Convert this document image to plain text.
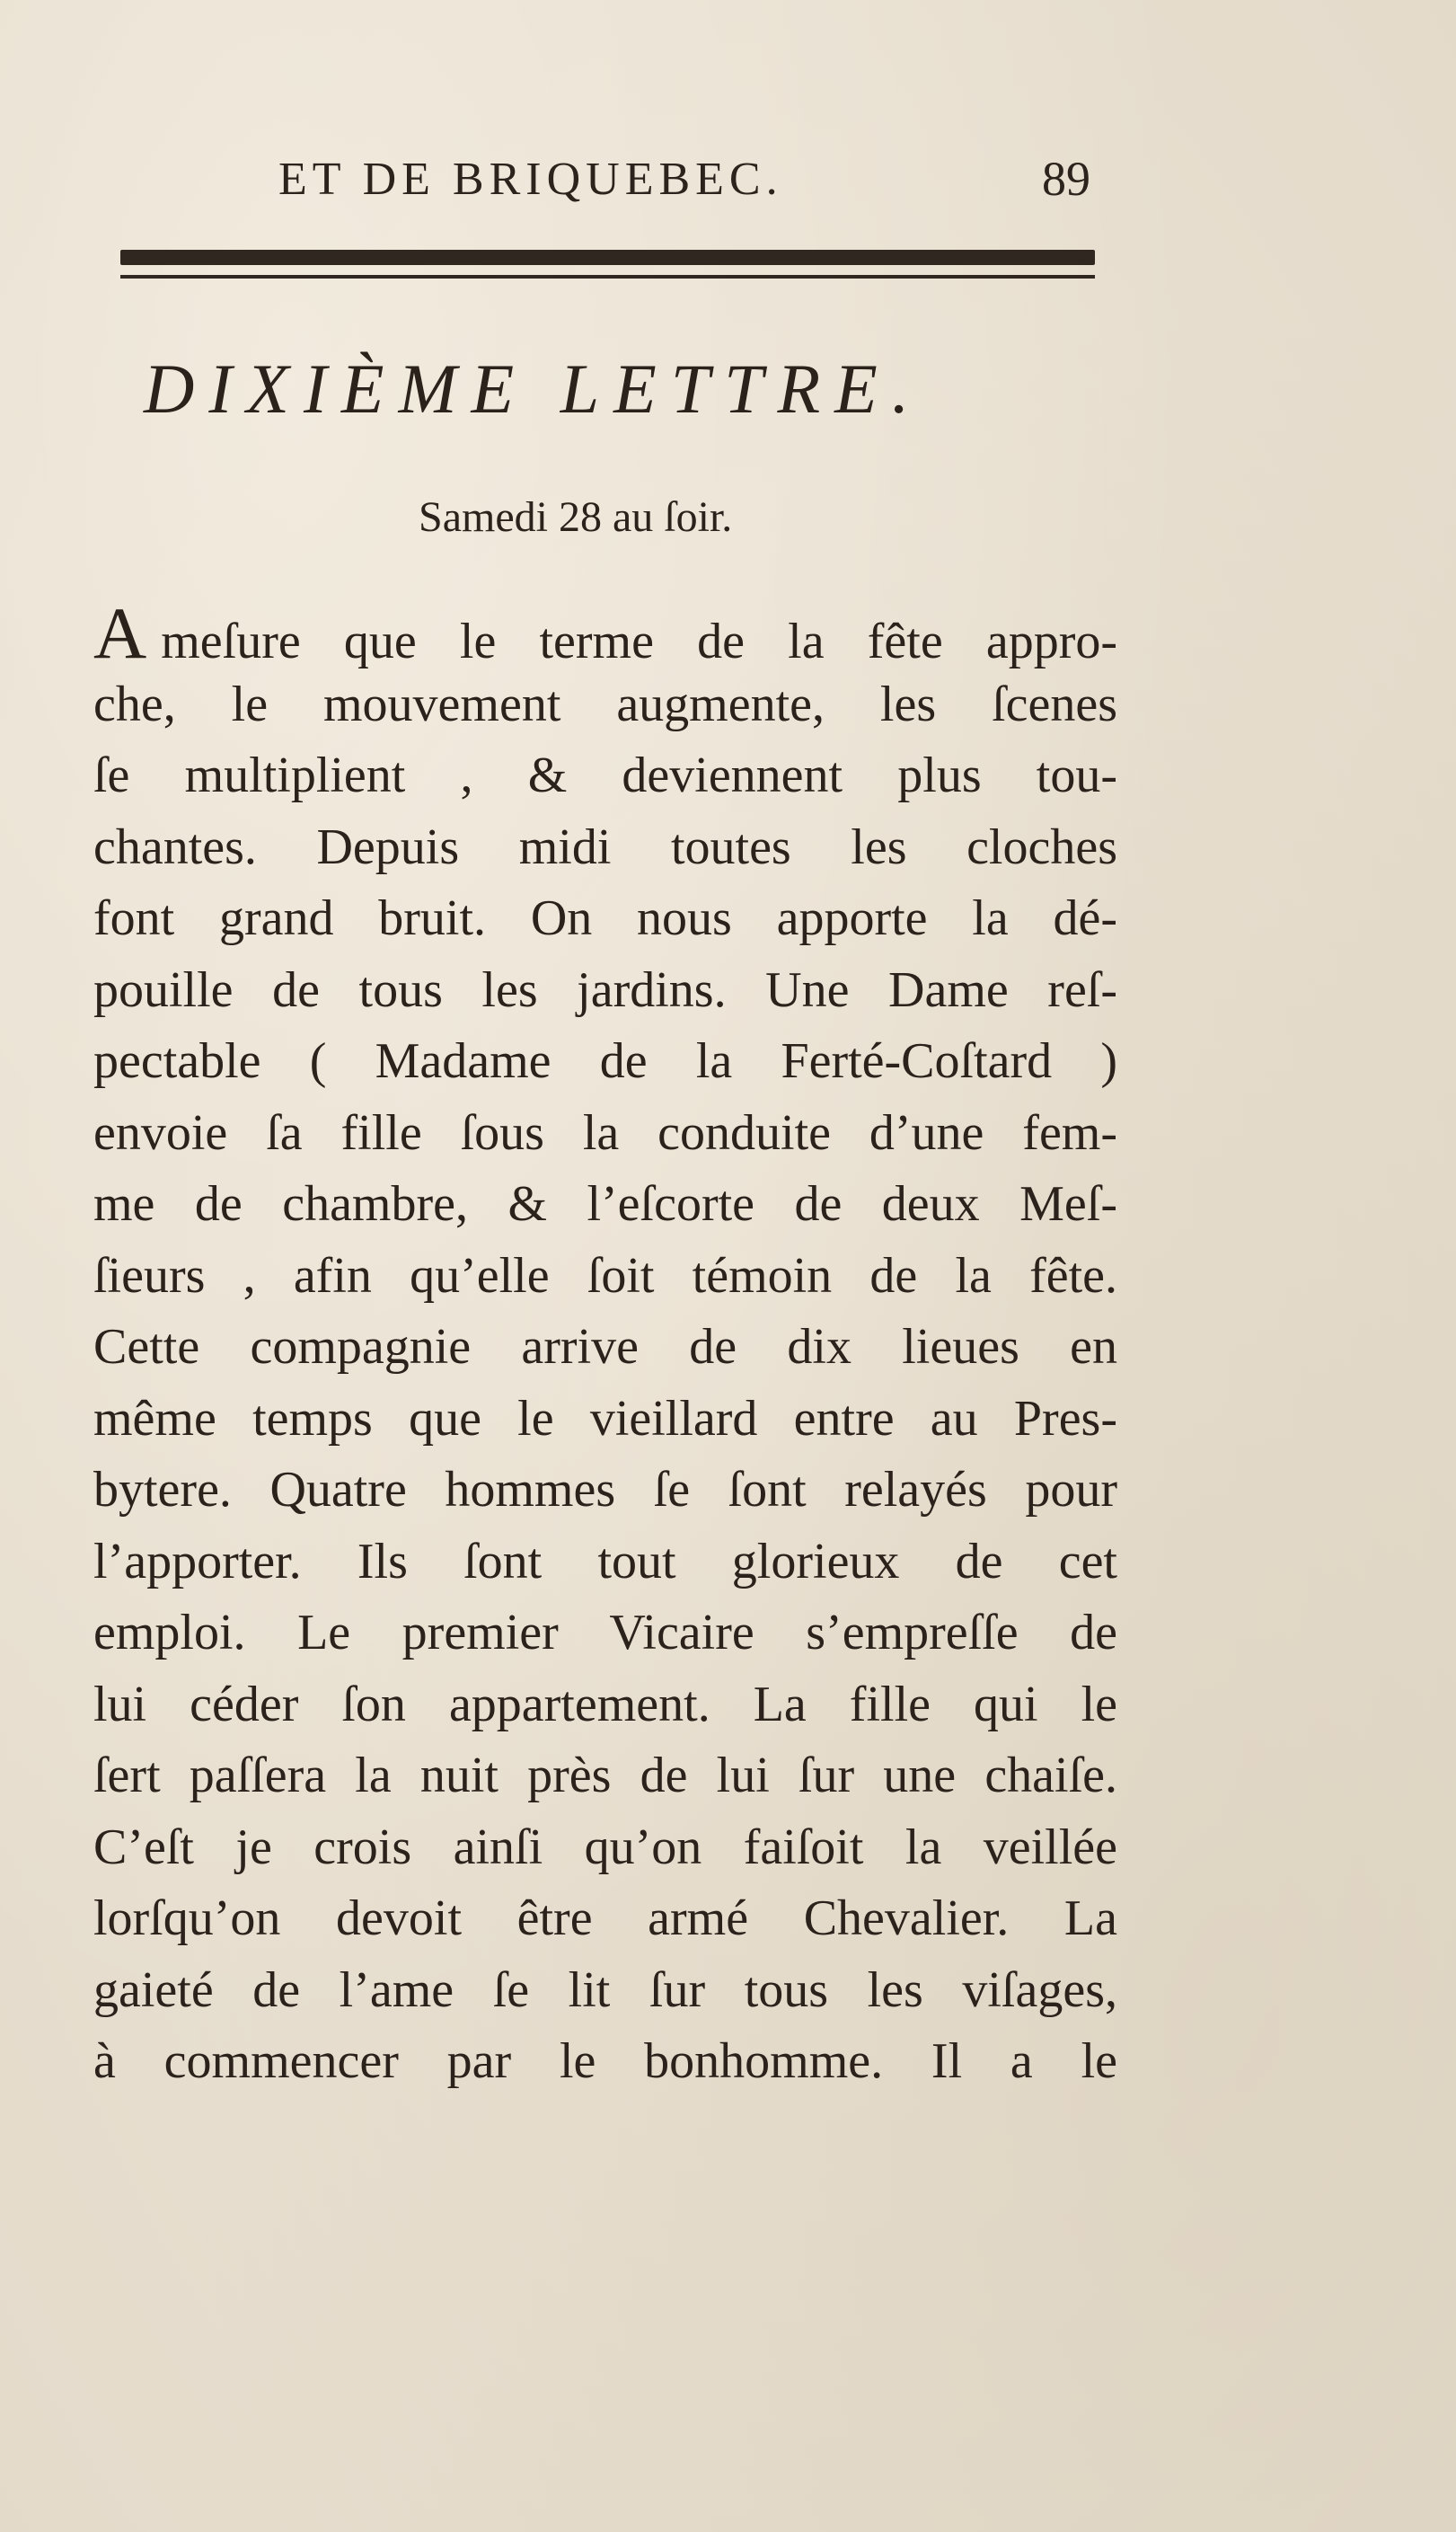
ET DE BRIQUEBEC.	89
DIXIÈME LETTRE.
Samedi 28 au ſoir.
A meſure que le terme de la fête appro-
che, le mouvement augmente, les ſcenes
ſe multiplient , & deviennent plus tou-
chantes. Depuis midi toutes les cloches
font grand bruit. On nous apporte la dé-
pouille de tous les jardins. Une Dame reſ-
pectable ( Madame de la Ferté-Coſtard )
envoie ſa fille ſous la conduite d’une fem-
me de chambre, & l’eſcorte de deux Meſ-
ſieurs , afin qu’elle ſoit témoin de la fête.
Cette compagnie arrive de dix lieues en
même temps que le vieillard entre au Pres-
bytere. Quatre hommes ſe ſont relayés pour
l’apporter. Ils ſont tout glorieux de cet
emploi. Le premier Vicaire s’empreſſe de
lui céder ſon appartement. La fille qui le
ſert paſſera la nuit près de lui ſur une chaiſe.
C’eſt je crois ainſi qu’on faiſoit la veillée
lorſqu’on devoit être armé Chevalier. La
gaieté de l’ame ſe lit ſur tous les viſages,
à commencer par le bonhomme. Il a le
